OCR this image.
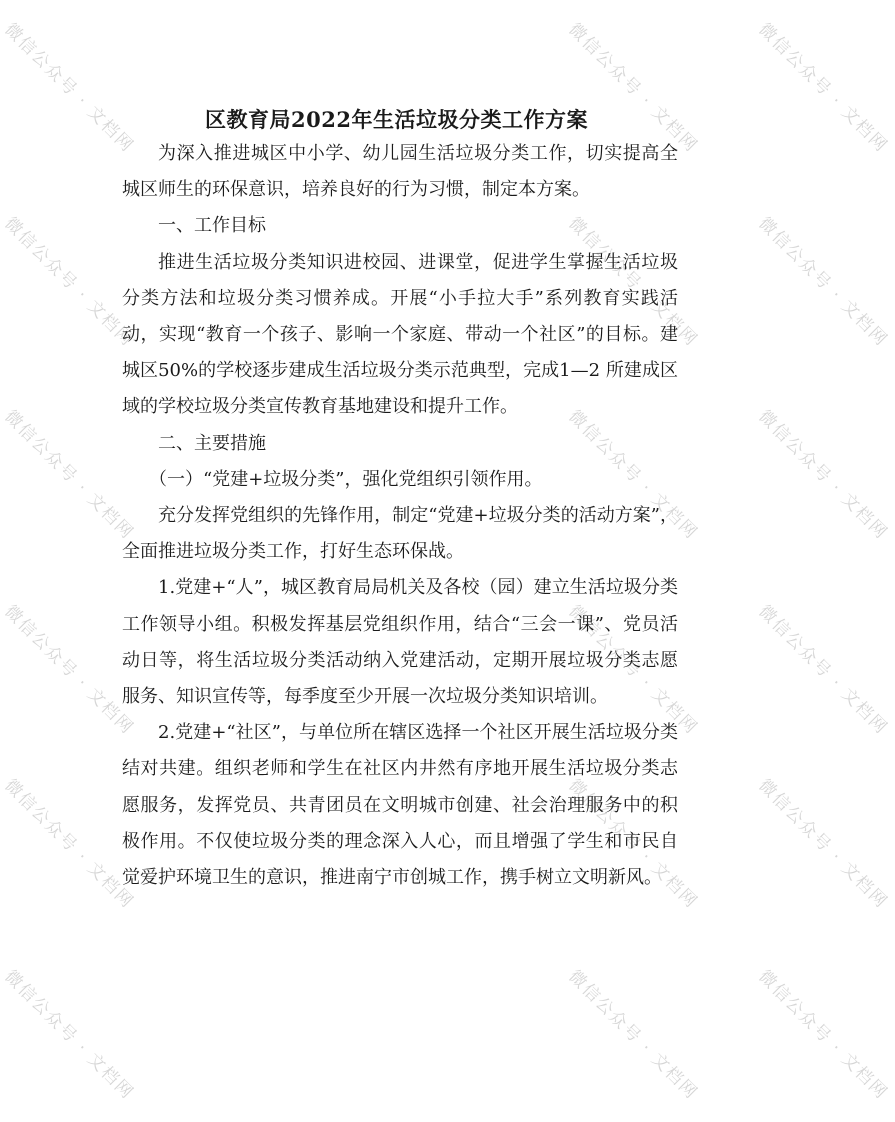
微信公众号 · 文档网	微信公众号 · 文档网	微信公众号 · 文档网
微信公众号 · 文档网	微信公众号 · 文档网	微信公众号 · 文档网
微信公众号 · 文档网	微信公众号 · 文档网	微信公众号 · 文档网
微信公众号 · 文档网	微信公众号 · 文档网	微信公众号 · 文档网
微信公众号 · 文档网	微信公众号 · 文档网	微信公众号 · 文档网
微信公众号 · 文档网	微信公众号 · 文档网	微信公众号 · 文档网
区教育局2022年生活垃圾分类工作方案

为深入推进城区中小学、幼儿园生活垃圾分类工作，切实提高全城区师生的环保意识，培养良好的行为习惯，制定本方案。

一、工作目标

推进生活垃圾分类知识进校园、进课堂，促进学生掌握生活垃圾分类方法和垃圾分类习惯养成。开展“小手拉大手”系列教育实践活动，实现“教育一个孩子、影响一个家庭、带动一个社区”的目标。建城区50%的学校逐步建成生活垃圾分类示范典型，完成1—2 所建成区域的学校垃圾分类宣传教育基地建设和提升工作。

二、主要措施

（一）“党建+垃圾分类”，强化党组织引领作用。

充分发挥党组织的先锋作用，制定“党建+垃圾分类的活动方案”，全面推进垃圾分类工作，打好生态环保战。

1.党建+“人”，城区教育局局机关及各校（园）建立生活垃圾分类工作领导小组。积极发挥基层党组织作用，结合“三会一课”、党员活动日等，将生活垃圾分类活动纳入党建活动，定期开展垃圾分类志愿服务、知识宣传等，每季度至少开展一次垃圾分类知识培训。

2.党建+“社区”，与单位所在辖区选择一个社区开展生活垃圾分类结对共建。组织老师和学生在社区内井然有序地开展生活垃圾分类志愿服务，发挥党员、共青团员在文明城市创建、社会治理服务中的积极作用。不仅使垃圾分类的理念深入人心，而且增强了学生和市民自觉爱护环境卫生的意识，推进南宁市创城工作，携手树立文明新风。
